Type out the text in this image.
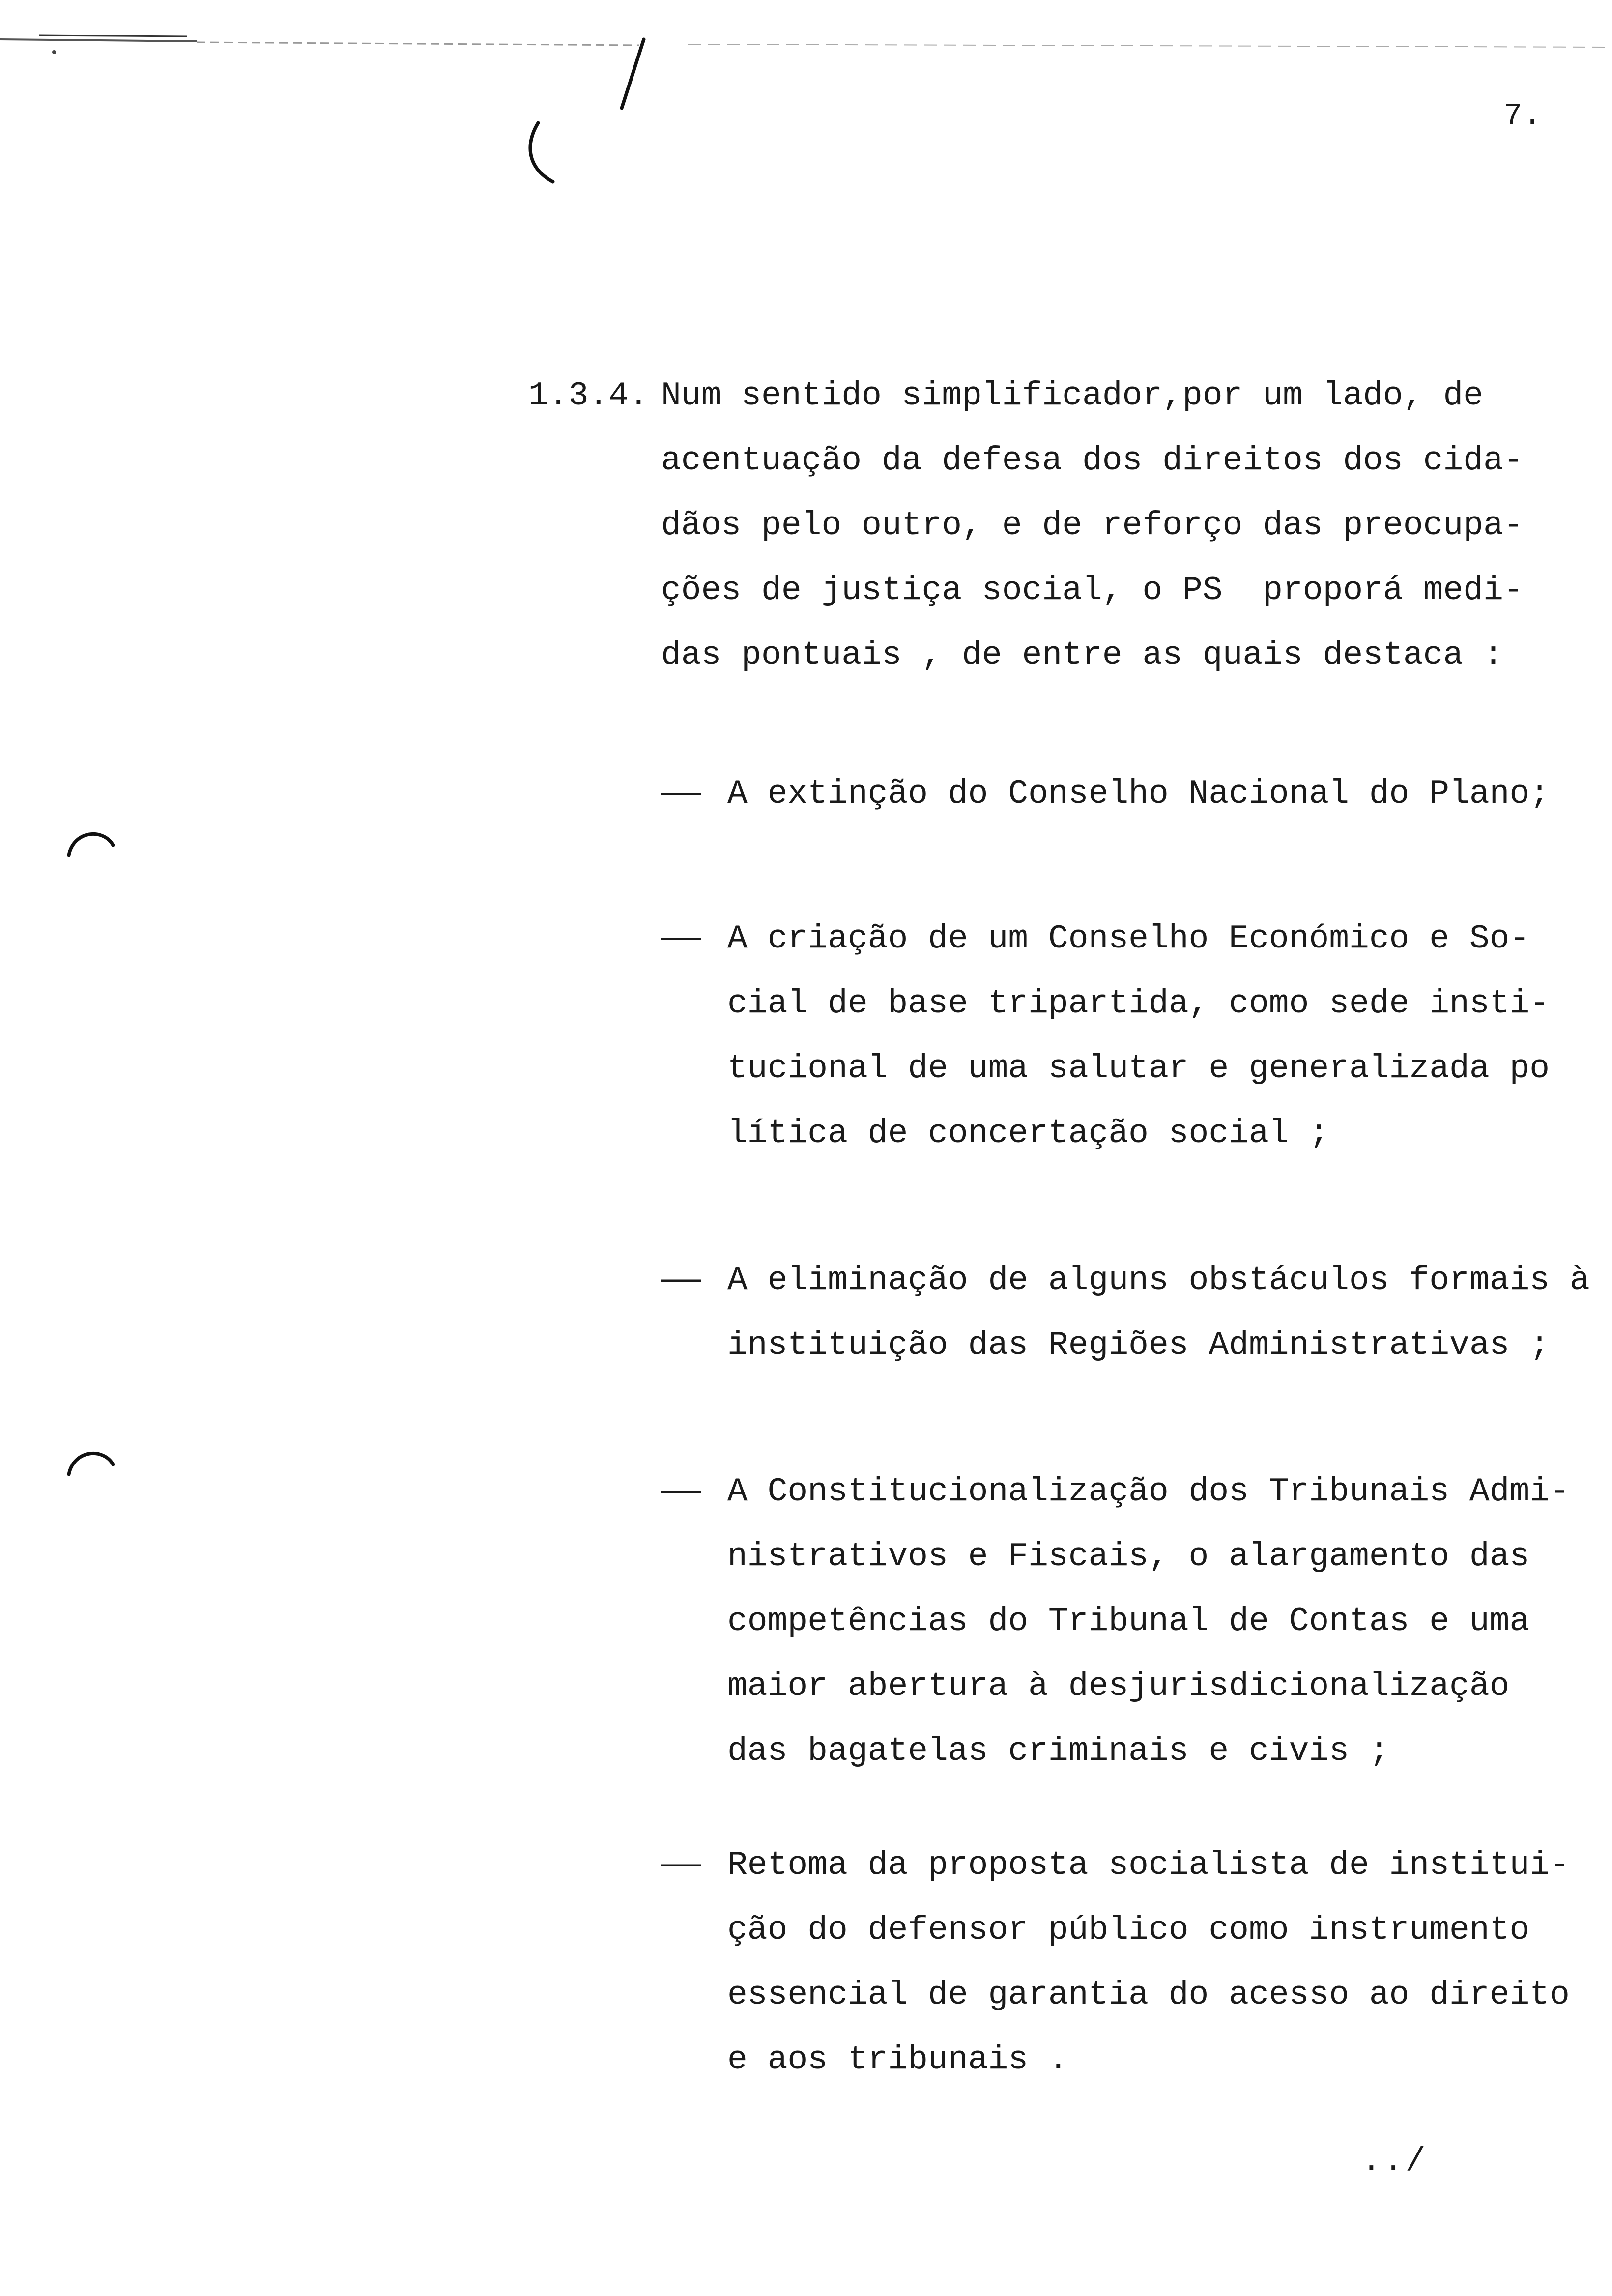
7.
1.3.4. Num sentido simplificador,por um lado, de
acentuação da defesa dos direitos dos cida-
dãos pelo outro, e de reforço das preocupa-
ções de justiça social, o PS  proporá medi-
das pontuais , de entre as quais destaca :
—— A extinção do Conselho Nacional do Plano;
—— A criação de um Conselho Económico e So-
cial de base tripartida, como sede insti-
tucional de uma salutar e generalizada po
lítica de concertação social ;
—— A eliminação de alguns obstáculos formais à
instituição das Regiões Administrativas ;
—— A Constitucionalização dos Tribunais Admi-
nistrativos e Fiscais, o alargamento das
competências do Tribunal de Contas e uma
maior abertura à desjurisdicionalização
das bagatelas criminais e civis ;
—— Retoma da proposta socialista de institui-
ção do defensor público como instrumento
essencial de garantia do acesso ao direito
e aos tribunais .
../
